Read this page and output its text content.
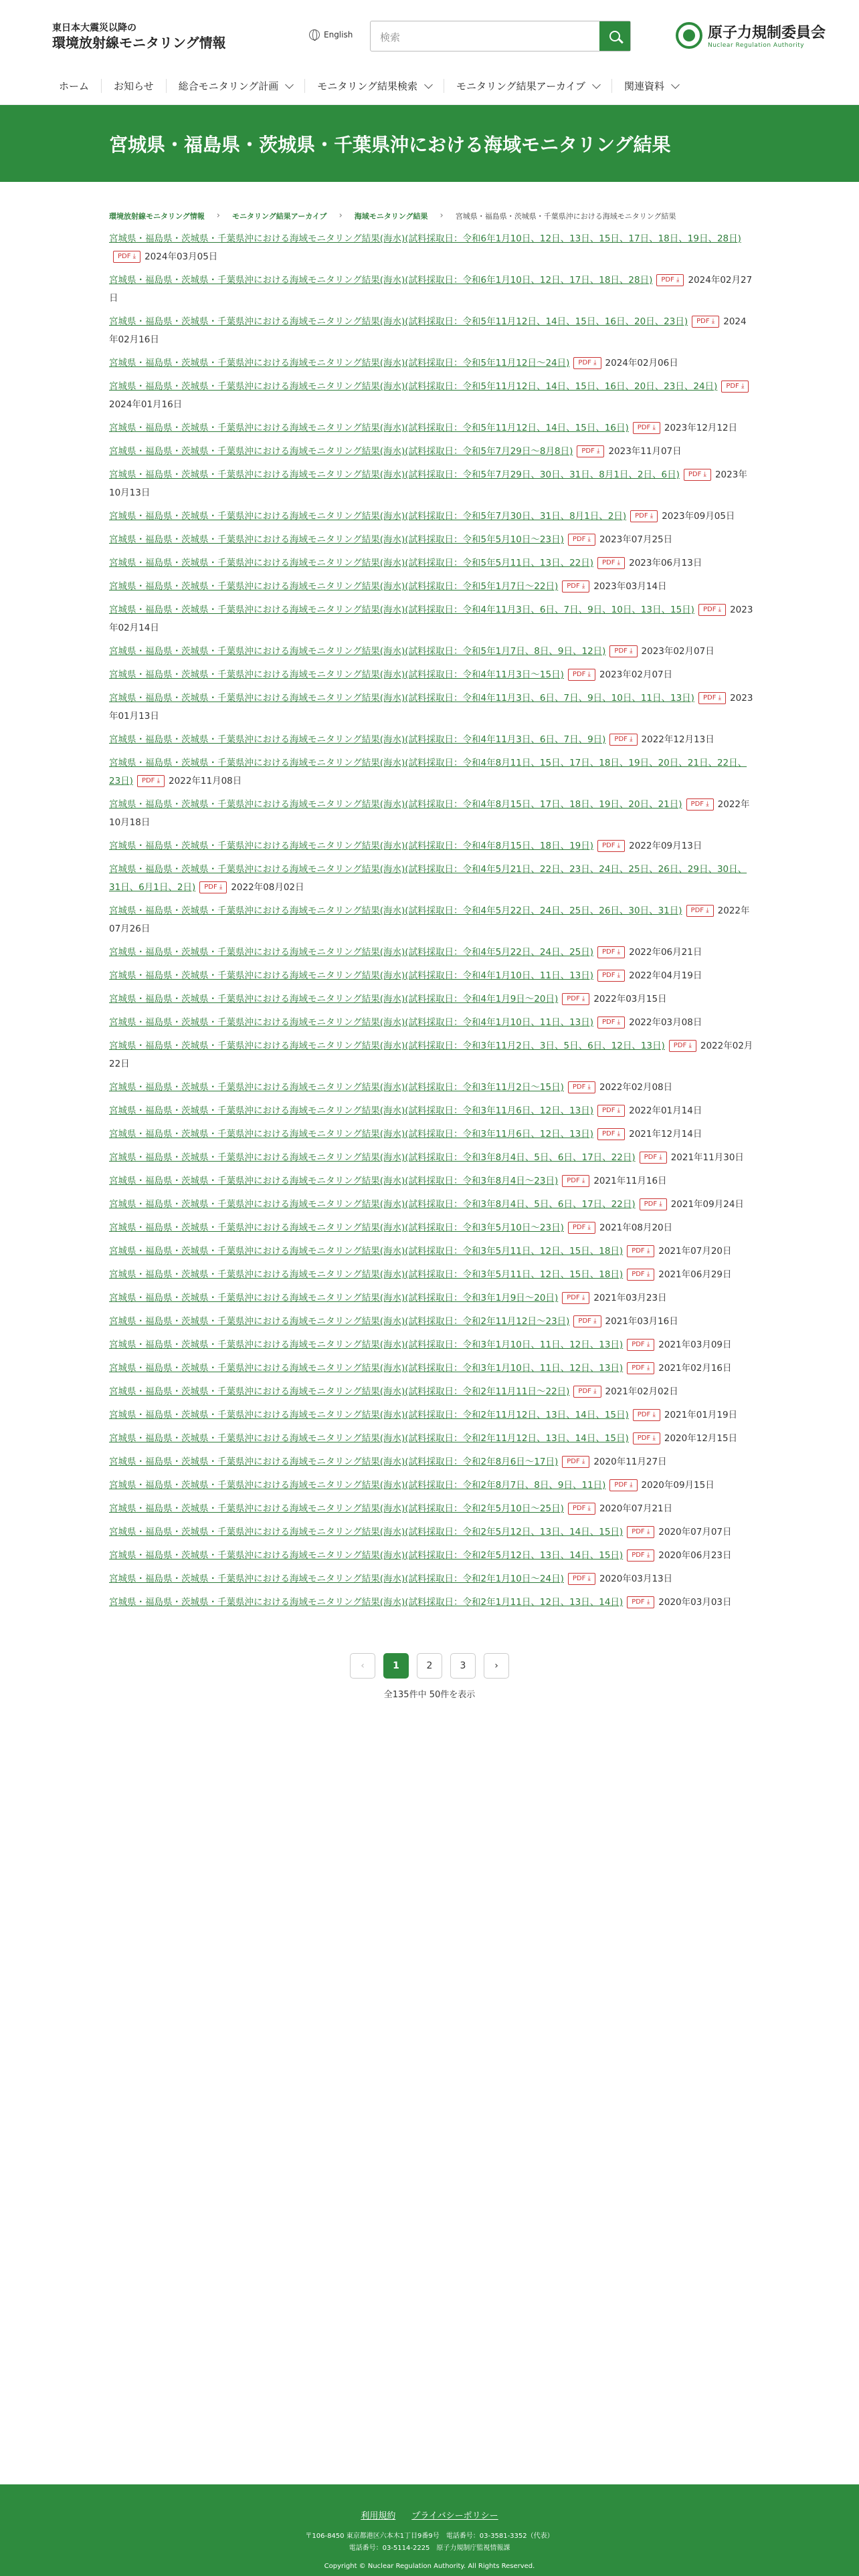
東日本大震災以降の
環境放射線モニタリング情報	English	検索	原子力規制委員会
Nuclear Regulation Authority
ホーム お知らせ 総合モニタリング計画	モニタリング結果検索	モニタリング結果アーカイブ	関連資料
宮城県・福島県・茨城県・千葉県沖における海域モニタリング結果
環境放射線モニタリング情報 › モニタリング結果アーカイブ › 海域モニタリング結果 › 宮城県・福島県・茨城県・千葉県沖における海域モニタリング結果
宮城県・福島県・茨城県・千葉県沖における海域モニタリング結果(海水)(試料採取日：令和6年1月10日、12日、13日、15日、17日、18日、19日、28日)PDF ⤓ 2024年03月05日
宮城県・福島県・茨城県・千葉県沖における海域モニタリング結果(海水)(試料採取日：令和6年1月10日、12日、17日、18日、28日) PDF ⤓ 2024年02月27日
宮城県・福島県・茨城県・千葉県沖における海域モニタリング結果(海水)(試料採取日：令和5年11月12日、14日、15日、16日、20日、23日) PDF ⤓ 2024年02月16日
宮城県・福島県・茨城県・千葉県沖における海域モニタリング結果(海水)(試料採取日：令和5年11月12日〜24日) PDF ⤓ 2024年02月06日
宮城県・福島県・茨城県・千葉県沖における海域モニタリング結果(海水)(試料採取日：令和5年11月12日、14日、15日、16日、20日、23日、24日) PDF ⤓2024年01月16日
宮城県・福島県・茨城県・千葉県沖における海域モニタリング結果(海水)(試料採取日：令和5年11月12日、14日、15日、16日) PDF ⤓ 2023年12月12日
宮城県・福島県・茨城県・千葉県沖における海域モニタリング結果(海水)(試料採取日：令和5年7月29日〜8月8日) PDF ⤓ 2023年11月07日
宮城県・福島県・茨城県・千葉県沖における海域モニタリング結果(海水)(試料採取日：令和5年7月29日、30日、31日、8月1日、2日、6日) PDF ⤓ 2023年10月13日
宮城県・福島県・茨城県・千葉県沖における海域モニタリング結果(海水)(試料採取日：令和5年7月30日、31日、8月1日、2日) PDF ⤓ 2023年09月05日
宮城県・福島県・茨城県・千葉県沖における海域モニタリング結果(海水)(試料採取日：令和5年5月10日〜23日) PDF ⤓ 2023年07月25日
宮城県・福島県・茨城県・千葉県沖における海域モニタリング結果(海水)(試料採取日：令和5年5月11日、13日、22日) PDF ⤓ 2023年06月13日
宮城県・福島県・茨城県・千葉県沖における海域モニタリング結果(海水)(試料採取日：令和5年1月7日〜22日) PDF ⤓ 2023年03月14日
宮城県・福島県・茨城県・千葉県沖における海域モニタリング結果(海水)(試料採取日：令和4年11月3日、6日、7日、9日、10日、13日、15日) PDF ⤓ 2023年02月14日
宮城県・福島県・茨城県・千葉県沖における海域モニタリング結果(海水)(試料採取日：令和5年1月7日、8日、9日、12日) PDF ⤓ 2023年02月07日
宮城県・福島県・茨城県・千葉県沖における海域モニタリング結果(海水)(試料採取日：令和4年11月3日〜15日) PDF ⤓ 2023年02月07日
宮城県・福島県・茨城県・千葉県沖における海域モニタリング結果(海水)(試料採取日：令和4年11月3日、6日、7日、9日、10日、11日、13日) PDF ⤓ 2023年01月13日
宮城県・福島県・茨城県・千葉県沖における海域モニタリング結果(海水)(試料採取日：令和4年11月3日、6日、7日、9日) PDF ⤓ 2022年12月13日
宮城県・福島県・茨城県・千葉県沖における海域モニタリング結果(海水)(試料採取日：令和4年8月11日、15日、17日、18日、19日、20日、21日、22日、23日) PDF ⤓ 2022年11月08日
宮城県・福島県・茨城県・千葉県沖における海域モニタリング結果(海水)(試料採取日：令和4年8月15日、17日、18日、19日、20日、21日) PDF ⤓ 2022年10月18日
宮城県・福島県・茨城県・千葉県沖における海域モニタリング結果(海水)(試料採取日：令和4年8月15日、18日、19日) PDF ⤓ 2022年09月13日
宮城県・福島県・茨城県・千葉県沖における海域モニタリング結果(海水)(試料採取日：令和4年5月21日、22日、23日、24日、25日、26日、29日、30日、31日、6月1日、2日) PDF ⤓ 2022年08月02日
宮城県・福島県・茨城県・千葉県沖における海域モニタリング結果(海水)(試料採取日：令和4年5月22日、24日、25日、26日、30日、31日) PDF ⤓ 2022年07月26日
宮城県・福島県・茨城県・千葉県沖における海域モニタリング結果(海水)(試料採取日：令和4年5月22日、24日、25日) PDF ⤓ 2022年06月21日
宮城県・福島県・茨城県・千葉県沖における海域モニタリング結果(海水)(試料採取日：令和4年1月10日、11日、13日) PDF ⤓ 2022年04月19日
宮城県・福島県・茨城県・千葉県沖における海域モニタリング結果(海水)(試料採取日：令和4年1月9日〜20日) PDF ⤓ 2022年03月15日
宮城県・福島県・茨城県・千葉県沖における海域モニタリング結果(海水)(試料採取日：令和4年1月10日、11日、13日) PDF ⤓ 2022年03月08日
宮城県・福島県・茨城県・千葉県沖における海域モニタリング結果(海水)(試料採取日：令和3年11月2日、3日、5日、6日、12日、13日) PDF ⤓ 2022年02月22日
宮城県・福島県・茨城県・千葉県沖における海域モニタリング結果(海水)(試料採取日：令和3年11月2日〜15日) PDF ⤓ 2022年02月08日
宮城県・福島県・茨城県・千葉県沖における海域モニタリング結果(海水)(試料採取日：令和3年11月6日、12日、13日) PDF ⤓ 2022年01月14日
宮城県・福島県・茨城県・千葉県沖における海域モニタリング結果(海水)(試料採取日：令和3年11月6日、12日、13日) PDF ⤓ 2021年12月14日
宮城県・福島県・茨城県・千葉県沖における海域モニタリング結果(海水)(試料採取日：令和3年8月4日、5日、6日、17日、22日) PDF ⤓ 2021年11月30日
宮城県・福島県・茨城県・千葉県沖における海域モニタリング結果(海水)(試料採取日：令和3年8月4日〜23日) PDF ⤓ 2021年11月16日
宮城県・福島県・茨城県・千葉県沖における海域モニタリング結果(海水)(試料採取日：令和3年8月4日、5日、6日、17日、22日) PDF ⤓ 2021年09月24日
宮城県・福島県・茨城県・千葉県沖における海域モニタリング結果(海水)(試料採取日：令和3年5月10日〜23日) PDF ⤓ 2021年08月20日
宮城県・福島県・茨城県・千葉県沖における海域モニタリング結果(海水)(試料採取日：令和3年5月11日、12日、15日、18日) PDF ⤓ 2021年07月20日
宮城県・福島県・茨城県・千葉県沖における海域モニタリング結果(海水)(試料採取日：令和3年5月11日、12日、15日、18日) PDF ⤓ 2021年06月29日
宮城県・福島県・茨城県・千葉県沖における海域モニタリング結果(海水)(試料採取日：令和3年1月9日〜20日) PDF ⤓ 2021年03月23日
宮城県・福島県・茨城県・千葉県沖における海域モニタリング結果(海水)(試料採取日：令和2年11月12日〜23日) PDF ⤓ 2021年03月16日
宮城県・福島県・茨城県・千葉県沖における海域モニタリング結果(海水)(試料採取日：令和3年1月10日、11日、12日、13日) PDF ⤓ 2021年03月09日
宮城県・福島県・茨城県・千葉県沖における海域モニタリング結果(海水)(試料採取日：令和3年1月10日、11日、12日、13日) PDF ⤓ 2021年02月16日
宮城県・福島県・茨城県・千葉県沖における海域モニタリング結果(海水)(試料採取日：令和2年11月11日〜22日) PDF ⤓ 2021年02月02日
宮城県・福島県・茨城県・千葉県沖における海域モニタリング結果(海水)(試料採取日：令和2年11月12日、13日、14日、15日) PDF ⤓ 2021年01月19日
宮城県・福島県・茨城県・千葉県沖における海域モニタリング結果(海水)(試料採取日：令和2年11月12日、13日、14日、15日) PDF ⤓ 2020年12月15日
宮城県・福島県・茨城県・千葉県沖における海域モニタリング結果(海水)(試料採取日：令和2年8月6日〜17日) PDF ⤓ 2020年11月27日
宮城県・福島県・茨城県・千葉県沖における海域モニタリング結果(海水)(試料採取日：令和2年8月7日、8日、9日、11日) PDF ⤓ 2020年09月15日
宮城県・福島県・茨城県・千葉県沖における海域モニタリング結果(海水)(試料採取日：令和2年5月10日〜25日) PDF ⤓ 2020年07月21日
宮城県・福島県・茨城県・千葉県沖における海域モニタリング結果(海水)(試料採取日：令和2年5月12日、13日、14日、15日) PDF ⤓ 2020年07月07日
宮城県・福島県・茨城県・千葉県沖における海域モニタリング結果(海水)(試料採取日：令和2年5月12日、13日、14日、15日) PDF ⤓ 2020年06月23日
宮城県・福島県・茨城県・千葉県沖における海域モニタリング結果(海水)(試料採取日：令和2年1月10日〜24日) PDF ⤓ 2020年03月13日
宮城県・福島県・茨城県・千葉県沖における海域モニタリング結果(海水)(試料採取日：令和2年1月11日、12日、13日、14日) PDF ⤓ 2020年03月03日
‹	1	2	3	›
全135件中 50件を表示
利用規約 プライバシーポリシー
〒106-8450 東京都港区六本木1丁目9番9号　電話番号：03-3581-3352（代表）
電話番号：03-5114-2225　 原子力規制庁監視情報課
Copyright © Nuclear Regulation Authority. All Rights Reserved.
